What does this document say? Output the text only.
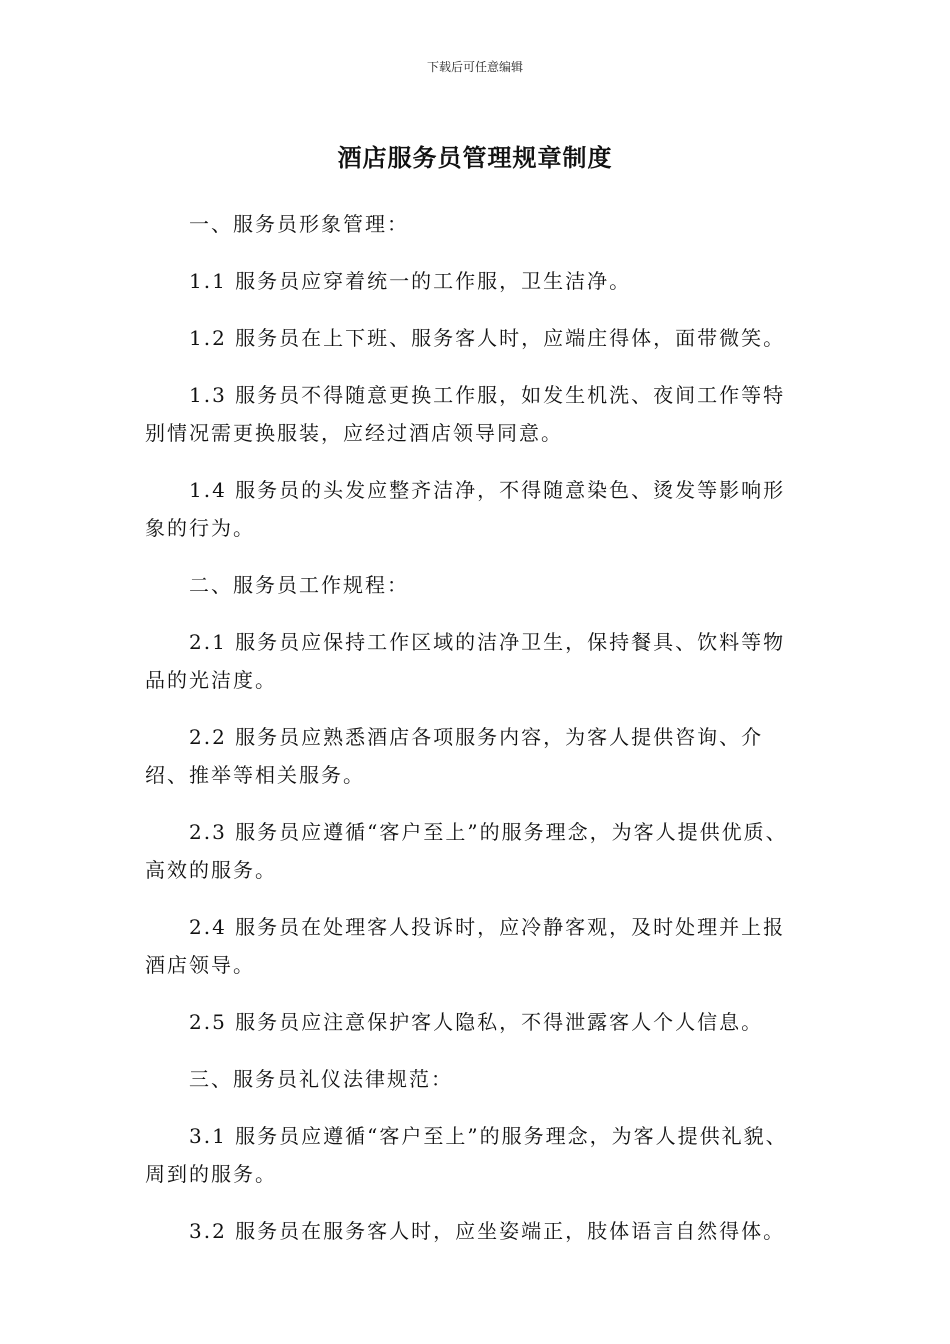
下载后可任意编辑
酒店服务员管理规章制度

一、服务员形象管理：

1.1 服务员应穿着统一的工作服，卫生洁净。

1.2 服务员在上下班、服务客人时，应端庄得体，面带微笑。

1.3 服务员不得随意更换工作服，如发生机洗、夜间工作等特别情况需更换服装，应经过酒店领导同意。

1.4 服务员的头发应整齐洁净，不得随意染色、烫发等影响形象的行为。

二、服务员工作规程：

2.1 服务员应保持工作区域的洁净卫生，保持餐具、饮料等物品的光洁度。

2.2 服务员应熟悉酒店各项服务内容，为客人提供咨询、介绍、推举等相关服务。

2.3 服务员应遵循“客户至上”的服务理念，为客人提供优质、高效的服务。

2.4 服务员在处理客人投诉时，应冷静客观，及时处理并上报酒店领导。

2.5 服务员应注意保护客人隐私，不得泄露客人个人信息。

三、服务员礼仪法律规范：

3.1 服务员应遵循“客户至上”的服务理念，为客人提供礼貌、周到的服务。

3.2 服务员在服务客人时，应坐姿端正，肢体语言自然得体。
